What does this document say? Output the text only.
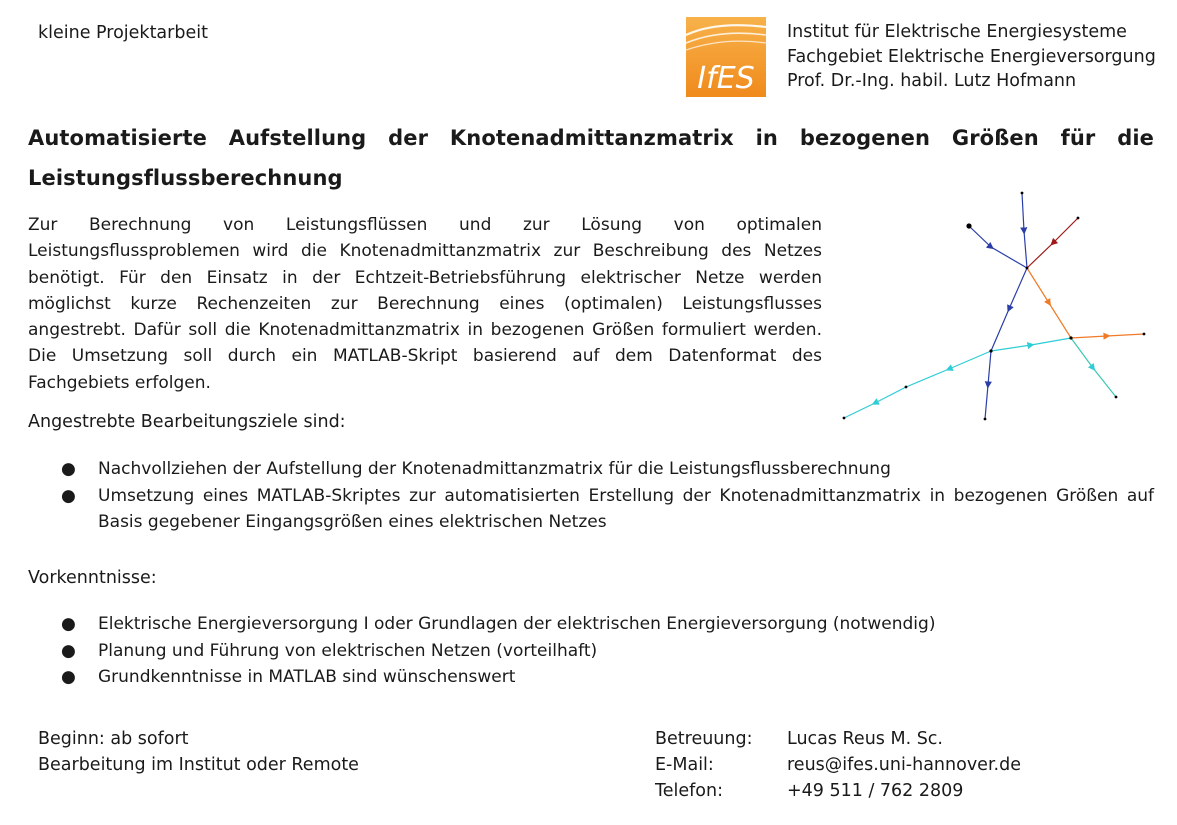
kleine Projektarbeit
IfES
Institut für Elektrische Energiesysteme
Fachgebiet Elektrische Energieversorgung
Prof. Dr.-Ing. habil. Lutz Hofmann
Automatisierte Aufstellung der Knotenadmittanzmatrix in bezogenen Größen für die Leistungsflussberechnung
Zur Berechnung von Leistungsflüssen und zur Lösung von optimalen Leistungsflussproblemen wird die Knotenadmittanzmatrix zur Beschreibung des Netzes benötigt. Für den Einsatz in der Echtzeit-Betriebsführung elektrischer Netze werden möglichst kurze Rechenzeiten zur Berechnung eines (optimalen) Leistungsflusses angestrebt. Dafür soll die Knotenadmittanzmatrix in bezogenen Größen formuliert werden. Die Umsetzung soll durch ein MATLAB-Skript basierend auf dem Datenformat des Fachgebiets erfolgen.
Angestrebte Bearbeitungsziele sind:
● Nachvollziehen der Aufstellung der Knotenadmittanzmatrix für die Leistungsflussberechnung
● Umsetzung eines MATLAB-Skriptes zur automatisierten Erstellung der Knotenadmittanzmatrix in bezogenen Größen auf Basis gegebener Eingangsgrößen eines elektrischen Netzes
Vorkenntnisse:
● Elektrische Energieversorgung I oder Grundlagen der elektrischen Energieversorgung (notwendig)
● Planung und Führung von elektrischen Netzen (vorteilhaft)
● Grundkenntnisse in MATLAB sind wünschenswert
Beginn: ab sofort
Bearbeitung im Institut oder Remote
Betreuung:	Lucas Reus M. Sc.
E-Mail:	reus@ifes.uni-hannover.de
Telefon:	+49 511 / 762 2809
